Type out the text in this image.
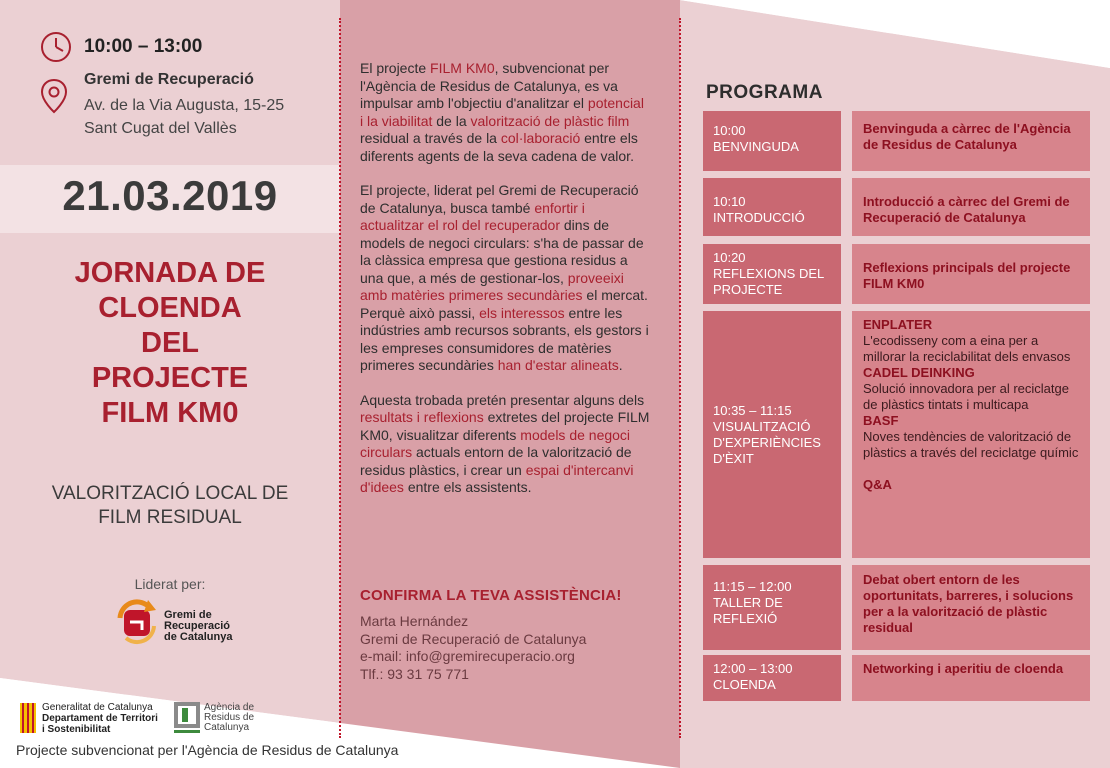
10:00 – 13:00
Gremi de Recuperació
Av. de la Via Augusta, 15-25
Sant Cugat del Vallès
21.03.2019
JORNADA DE
CLOENDA
DEL
PROJECTE
FILM KM0
VALORITZACIÓ LOCAL DE
FILM RESIDUAL
Liderat per:
Gremi de
Recuperació
de Catalunya
Generalitat de Catalunya
Departament de Territori
i Sostenibilitat
Agència de
Residus de
Catalunya
Projecte subvencionat per l'Agència de Residus de Catalunya

El projecte FILM KM0, subvencionat per l'Agència de Residus de Catalunya, es va impulsar amb l'objectiu d'analitzar el potencial i la viabilitat de la valorització de plàstic film residual a través de la col·laboració entre els diferents agents de la seva cadena de valor.

El projecte, liderat pel Gremi de Recuperació de Catalunya, busca també enfortir i actualitzar el rol del recuperador dins de models de negoci circulars: s'ha de passar de la clàssica empresa que gestiona residus a una que, a més de gestionar-los, proveeixi amb matèries primeres secundàries el mercat. Perquè això passi, els interessos entre les indústries amb recursos sobrants, els gestors i les empreses consumidores de matèries primeres secundàries han d'estar alineats.

Aquesta trobada pretén presentar alguns dels resultats i reflexions extretes del projecte FILM KM0, visualitzar diferents models de negoci circulars actuals entorn de la valorització de residus plàstics, i crear un espai d'intercanvi d'idees entre els assistents.

CONFIRMA LA TEVA ASSISTÈNCIA!
Marta Hernández
Gremi de Recuperació de Catalunya
e-mail: info@gremirecuperacio.org
Tlf.: 93 31 75 771
PROGRAMA
10:00
BENVINGUDA
Benvinguda a càrrec de l'Agència de Residus de Catalunya
10:10
INTRODUCCIÓ
Introducció a càrrec del Gremi de Recuperació de Catalunya
10:20
REFLEXIONS DEL PROJECTE
Reflexions principals del projecte FILM KM0
10:35 – 11:15
VISUALITZACIÓ D'EXPERIÈNCIES D'ÈXIT
ENPLATER
L'ecodisseny com a eina per a millorar la reciclabilitat dels envasos
CADEL DEINKING
Solució innovadora per al reciclatge de plàstics tintats i multicapa
BASF
Noves tendències de valorització de plàstics a través del reciclatge químic
Q&A
11:15 – 12:00
TALLER DE REFLEXIÓ
Debat obert entorn de les oportunitats, barreres, i solucions per a la valorització de plàstic residual
12:00 – 13:00
CLOENDA
Networking i aperitiu de cloenda
